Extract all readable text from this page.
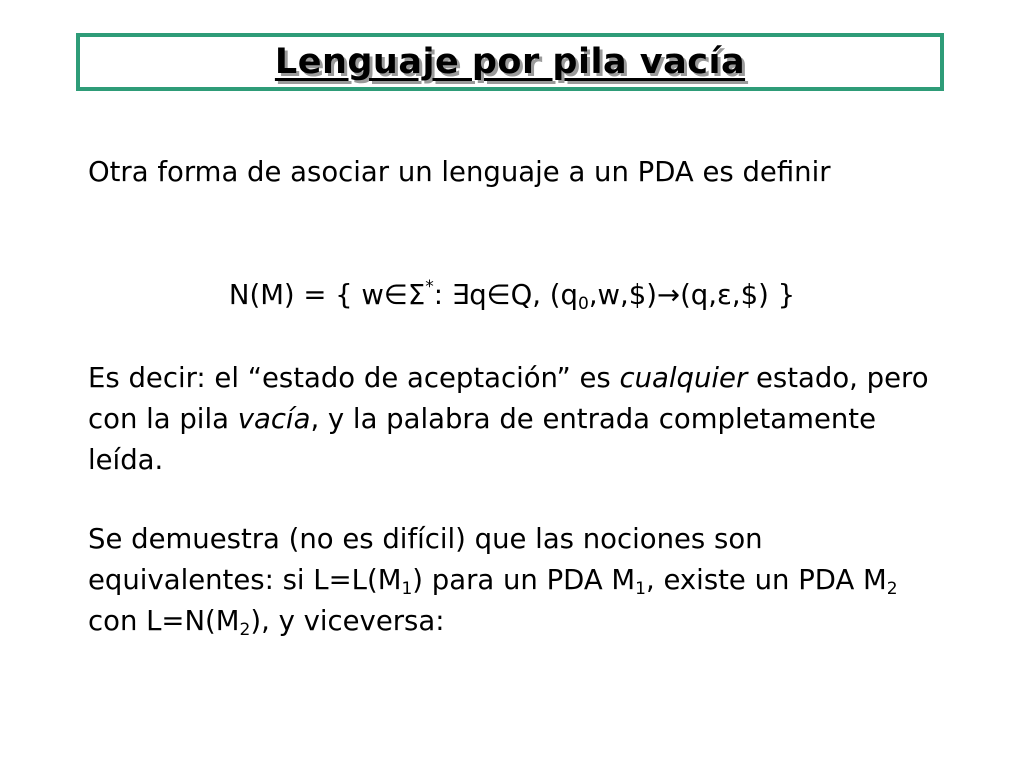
Lenguaje por pila vacía
Otra forma de asociar un lenguaje a un PDA es definir
N(M) = { w∈Σ*: ∃q∈Q, $(q_0,w,\$)\to(q,\varepsilon,\$)$ }
Es decir: el “estado de aceptación” es cualquier estado, pero con la pila vacía, y la palabra de entrada completamente leída.
Se demuestra (no es difícil) que las nociones son equivalentes: si $L=L(M_1)$ para un PDA $M_1$, existe un PDA $M_2$ con $L=N(M_2)$, y viceversa:
